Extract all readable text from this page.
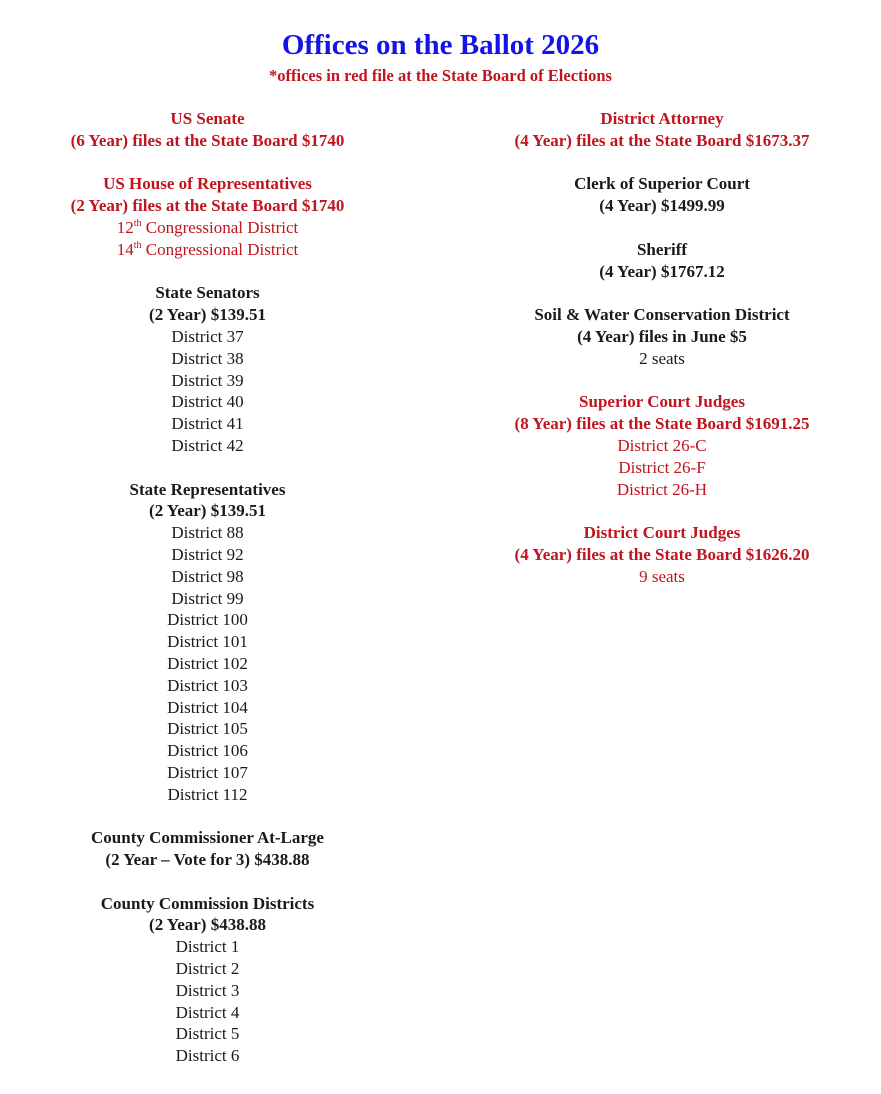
Offices on the Ballot 2026
*offices in red file at the State Board of Elections
US Senate
(6 Year) files at the State Board $1740
US House of Representatives
(2 Year) files at the State Board $1740
12th Congressional District
14th Congressional District
State Senators
(2 Year) $139.51
District 37
District 38
District 39
District 40
District 41
District 42
State Representatives
(2 Year) $139.51
District 88
District 92
District 98
District 99
District 100
District 101
District 102
District 103
District 104
District 105
District 106
District 107
District 112
County Commissioner At-Large
(2 Year – Vote for 3) $438.88
County Commission Districts
(2 Year) $438.88
District 1
District 2
District 3
District 4
District 5
District 6
District Attorney
(4 Year) files at the State Board $1673.37
Clerk of Superior Court
(4 Year) $1499.99
Sheriff
(4 Year) $1767.12
Soil & Water Conservation District
(4 Year) files in June $5
2 seats
Superior Court Judges
(8 Year) files at the State Board $1691.25
District 26-C
District 26-F
District 26-H
District Court Judges
(4 Year) files at the State Board $1626.20
9 seats
